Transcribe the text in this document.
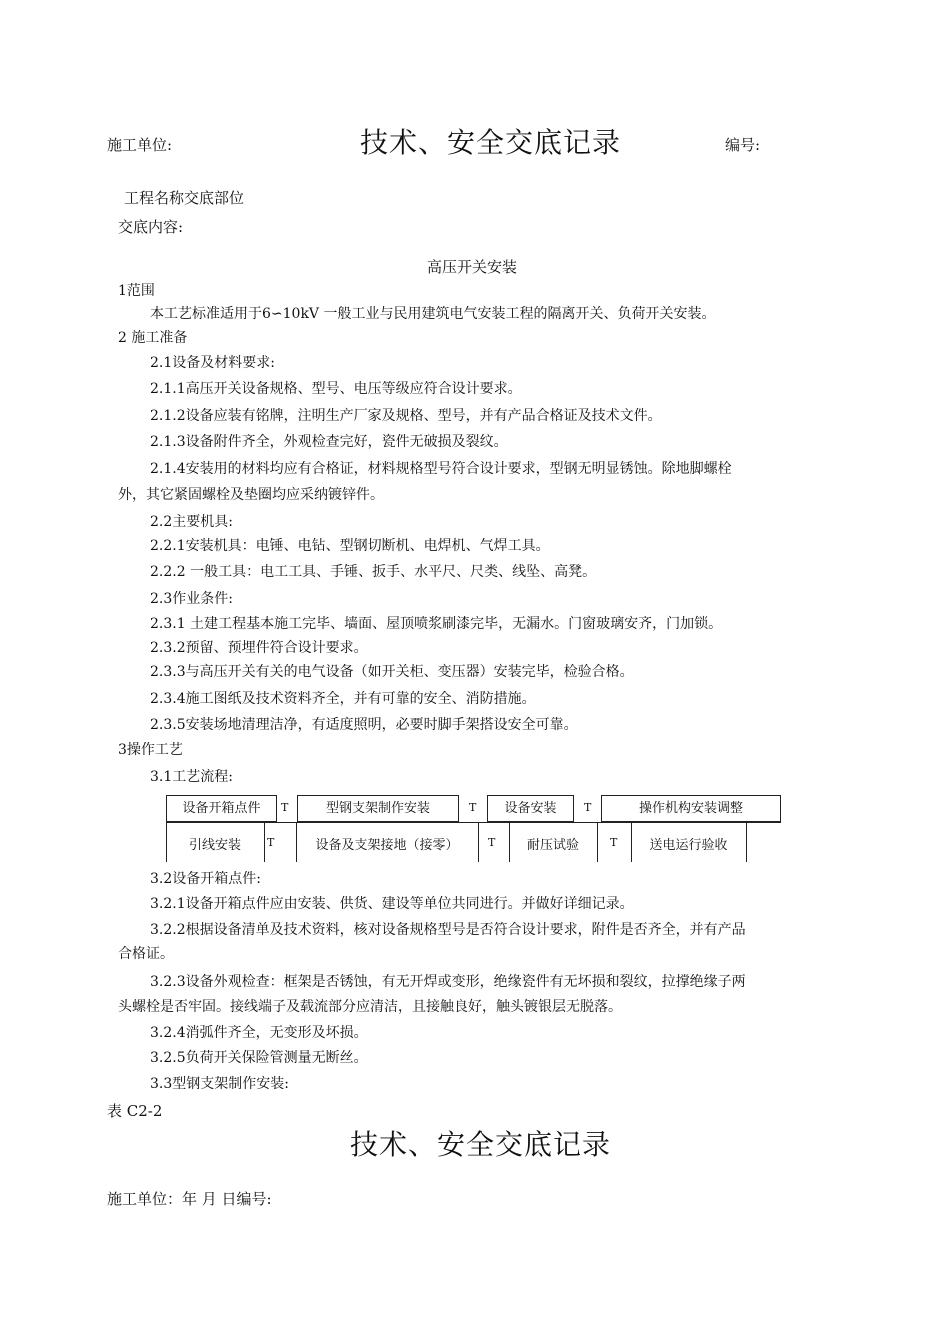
施工单位:	技术、安全交底记录	编号:
工程名称交底部位
交底内容:
高压开关安装
1范围
本工艺标准适用于6∽10kV 一般工业与民用建筑电气安装工程的隔离开关、负荷开关安装。
2 施工准备
2.1设备及材料要求:
2.1.1高压开关设备规格、型号、电压等级应符合设计要求。
2.1.2设备应装有铭牌，注明生产厂家及规格、型号，并有产品合格证及技术文件。
2.1.3设备附件齐全，外观检查完好，瓷件无破损及裂纹。
2.1.4安装用的材料均应有合格证，材料规格型号符合设计要求，型钢无明显锈蚀。除地脚螺栓
外，其它紧固螺栓及垫圈均应采纳镀锌件。
2.2主要机具:
2.2.1安装机具：电锤、电钻、型钢切断机、电焊机、气焊工具。
2.2.2 一般工具：电工工具、手锤、扳手、水平尺、尺类、线坠、高凳。
2.3作业条件:
2.3.1 土建工程基本施工完毕、墙面、屋顶喷浆刷漆完毕，无漏水。门窗玻璃安齐，门加锁。
2.3.2预留、预埋件符合设计要求。
2.3.3与高压开关有关的电气设备（如开关柜、变压器）安装完毕，检验合格。
2.3.4施工图纸及技术资料齐全，并有可靠的安全、消防措施。
2.3.5安装场地清理洁净，有适度照明，必要时脚手架搭设安全可靠。
3操作工艺
3.1工艺流程:
设备开箱点件	T	型钢支架制作安装	T	设备安装	T	操作机构安装调整
引线安装	T	设备及支架接地（接零）	T	耐压试验	T	送电运行验收
3.2设备开箱点件:
3.2.1设备开箱点件应由安装、供货、建设等单位共同进行。并做好详细记录。
3.2.2根据设备清单及技术资料，核对设备规格型号是否符合设计要求，附件是否齐全，并有产品
合格证。
3.2.3设备外观检查：框架是否锈蚀，有无开焊或变形，绝缘瓷件有无坏损和裂纹，拉撑绝缘子两
头螺栓是否牢固。接线端子及载流部分应清洁，且接触良好，触头镀银层无脱落。
3.2.4消弧件齐全，无变形及坏损。
3.2.5负荷开关保险管测量无断丝。
3.3型钢支架制作安装:
表 C2-2
技术、安全交底记录
施工单位：年 月 日编号:
